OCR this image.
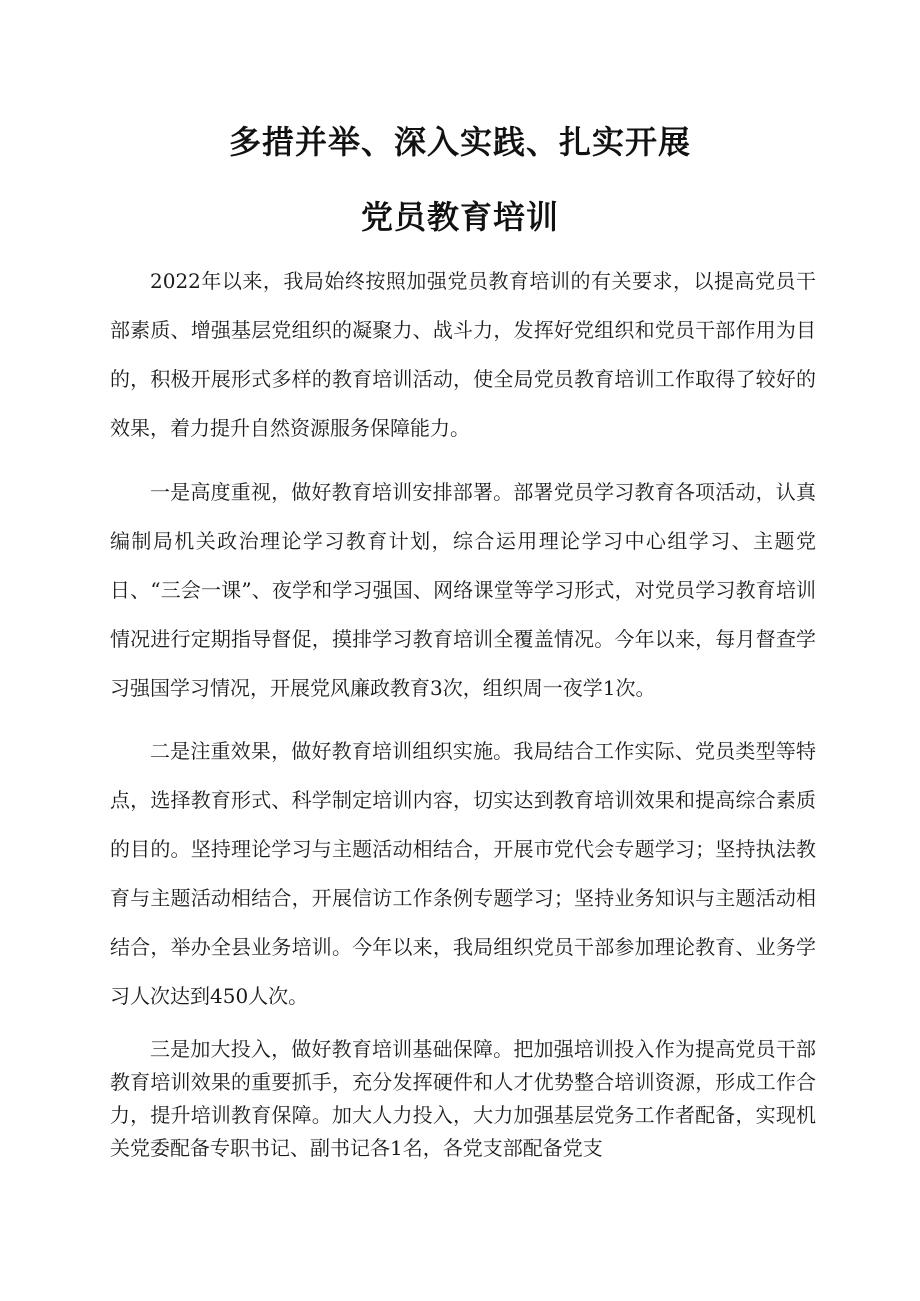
多措并举、深入实践、扎实开展
党员教育培训

2022年以来，我局始终按照加强党员教育培训的有关要求，以提高党员干部素质、增强基层党组织的凝聚力、战斗力，发挥好党组织和党员干部作用为目的，积极开展形式多样的教育培训活动，使全局党员教育培训工作取得了较好的效果，着力提升自然资源服务保障能力。

一是高度重视，做好教育培训安排部署。部署党员学习教育各项活动，认真编制局机关政治理论学习教育计划，综合运用理论学习中心组学习、主题党日、“三会一课”、夜学和学习强国、网络课堂等学习形式，对党员学习教育培训情况进行定期指导督促，摸排学习教育培训全覆盖情况。今年以来，每月督查学习强国学习情况，开展党风廉政教育3次，组织周一夜学1次。

二是注重效果，做好教育培训组织实施。我局结合工作实际、党员类型等特点，选择教育形式、科学制定培训内容，切实达到教育培训效果和提高综合素质的目的。坚持理论学习与主题活动相结合，开展市党代会专题学习；坚持执法教育与主题活动相结合，开展信访工作条例专题学习；坚持业务知识与主题活动相结合，举办全县业务培训。今年以来，我局组织党员干部参加理论教育、业务学习人次达到450人次。

三是加大投入，做好教育培训基础保障。把加强培训投入作为提高党员干部教育培训效果的重要抓手，充分发挥硬件和人才优势整合培训资源，形成工作合力，提升培训教育保障。加大人力投入，大力加强基层党务工作者配备，实现机关党委配备专职书记、副书记各1名，各党支部配备党支
